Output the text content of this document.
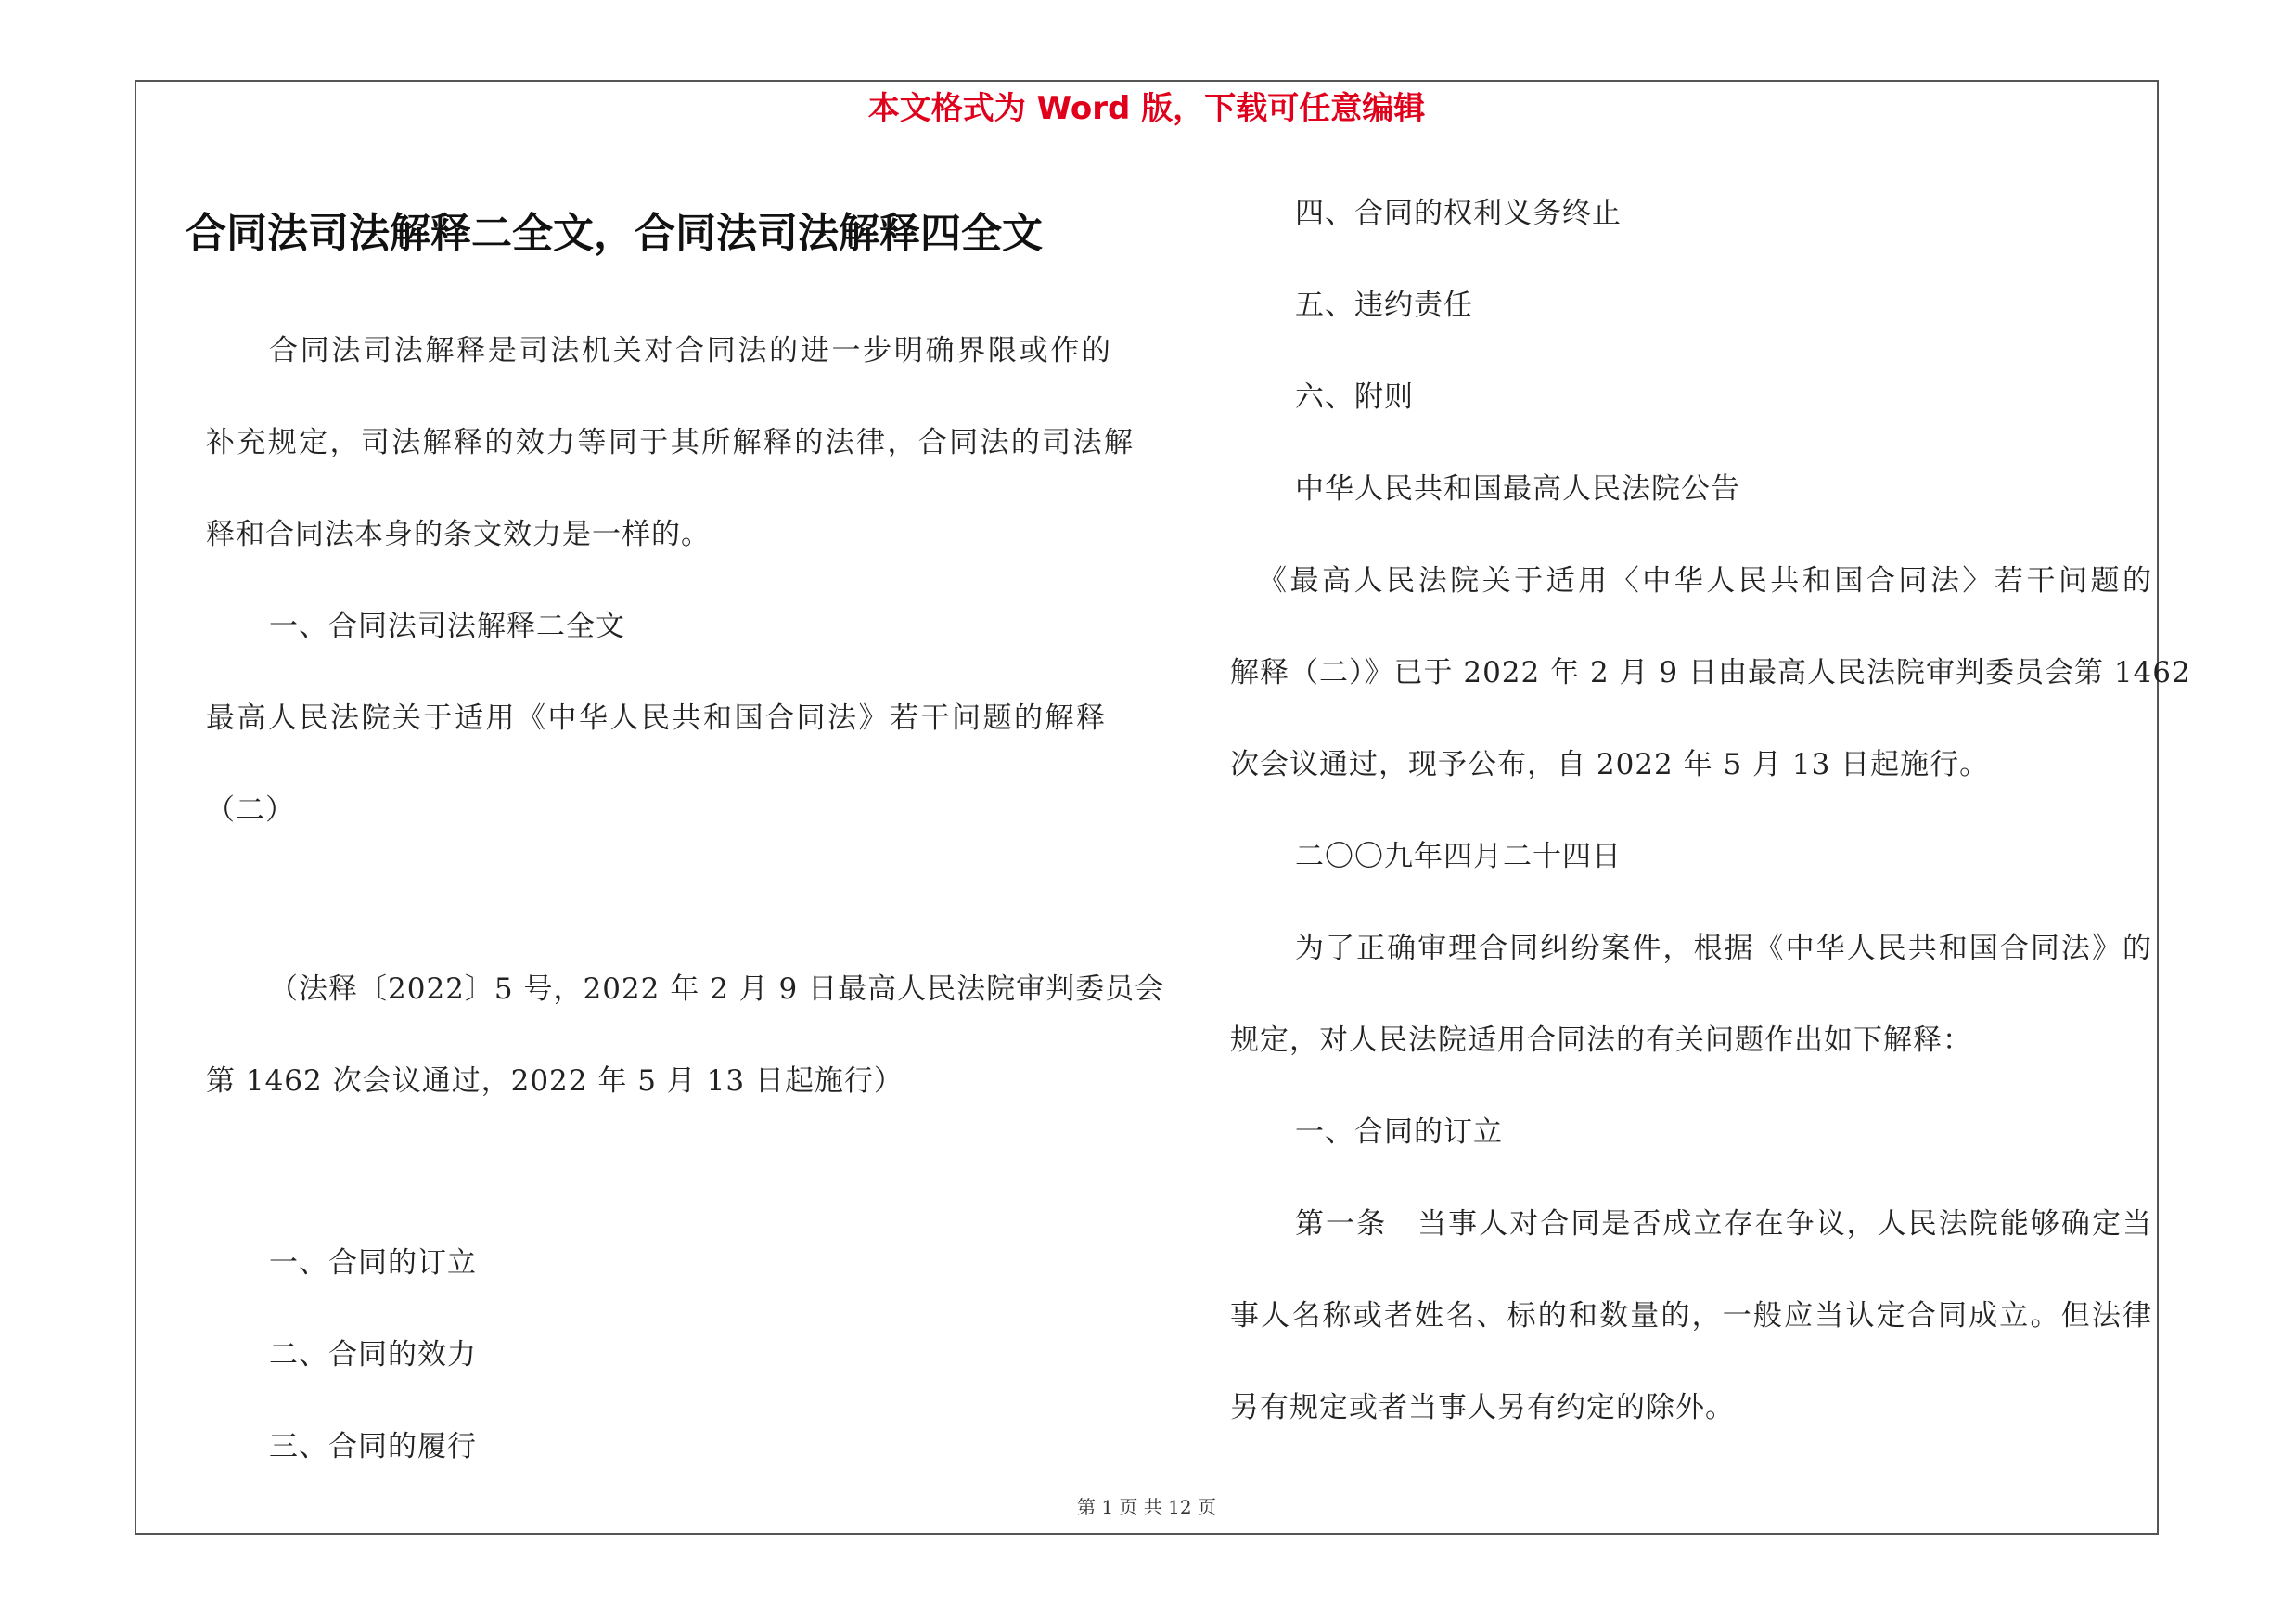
本文格式为 Word 版，下载可任意编辑
合同法司法解释二全文，合同法司法解释四全文
合同法司法解释是司法机关对合同法的进一步明确界限或作的
补充规定，司法解释的效力等同于其所解释的法律，合同法的司法解
释和合同法本身的条文效力是一样的。
一、合同法司法解释二全文
最高人民法院关于适用《中华人民共和国合同法》若干问题的解释
（二）
（法释〔2022〕5 号，2022 年 2 月 9 日最高人民法院审判委员会
第 1462 次会议通过，2022 年 5 月 13 日起施行）
一、合同的订立
二、合同的效力
三、合同的履行
四、合同的权利义务终止
五、违约责任
六、附则
中华人民共和国最高人民法院公告
《最高人民法院关于适用〈中华人民共和国合同法〉若干问题的
解释（二）》已于 2022 年 2 月 9 日由最高人民法院审判委员会第 1462
次会议通过，现予公布，自 2022 年 5 月 13 日起施行。
二〇〇九年四月二十四日
为了正确审理合同纠纷案件，根据《中华人民共和国合同法》的
规定，对人民法院适用合同法的有关问题作出如下解释：
一、合同的订立
第一条　当事人对合同是否成立存在争议，人民法院能够确定当
事人名称或者姓名、标的和数量的，一般应当认定合同成立。但法律
另有规定或者当事人另有约定的除外。
第 1 页 共 12 页
